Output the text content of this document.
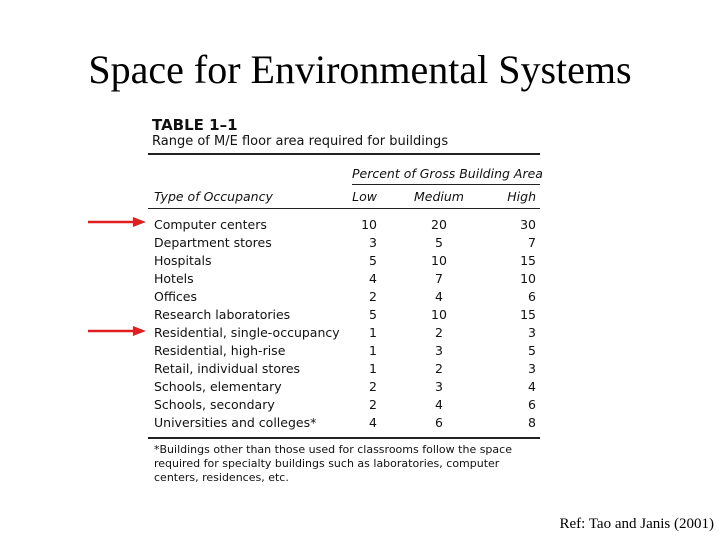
Space for Environmental Systems
TABLE 1–1
Range of M/E floor area required for buildings
Percent of Gross Building Area
Type of Occupancy	Low	Medium	High
Computer centers	10	20	30
Department stores	3	5	7
Hospitals	5	10	15
Hotels	4	7	10
Offices	2	4	6
Research laboratories	5	10	15
Residential, single-occupancy	1	2	3
Residential, high-rise	1	3	5
Retail, individual stores	1	2	3
Schools, elementary	2	3	4
Schools, secondary	2	4	6
Universities and colleges*	4	6	8
*Buildings other than those used for classrooms follow the space required for specialty buildings such as laboratories, computer centers, residences, etc.
Ref: Tao and Janis (2001)
